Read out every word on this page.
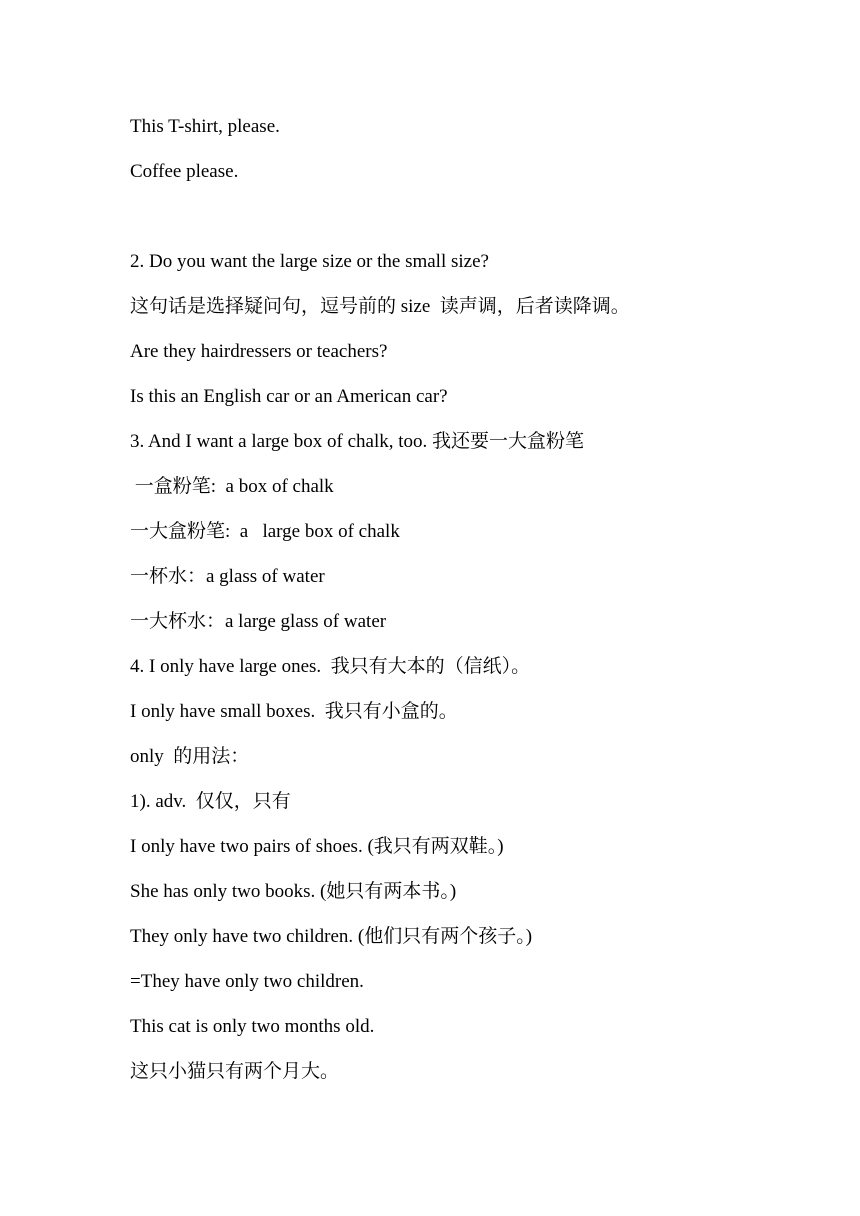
This T-shirt, please.
Coffee please.
2. Do you want the large size or the small size?
这句话是选择疑问句，逗号前的 size  读声调，后者读降调。
Are they hairdressers or teachers?
Is this an English car or an American car?
3. And I want a large box of chalk, too. 我还要一大盒粉笔
一盒粉笔:  a box of chalk
一大盒粉笔:  a   large box of chalk
一杯水：a glass of water
一大杯水：a large glass of water
4. I only have large ones.  我只有大本的（信纸）。
I only have small boxes.  我只有小盒的。
only  的用法：
1). adv.  仅仅，只有
I only have two pairs of shoes. (我只有两双鞋。)
She has only two books. (她只有两本书。)
They only have two children. (他们只有两个孩子。)
=They have only two children.
This cat is only two months old.
这只小猫只有两个月大。
